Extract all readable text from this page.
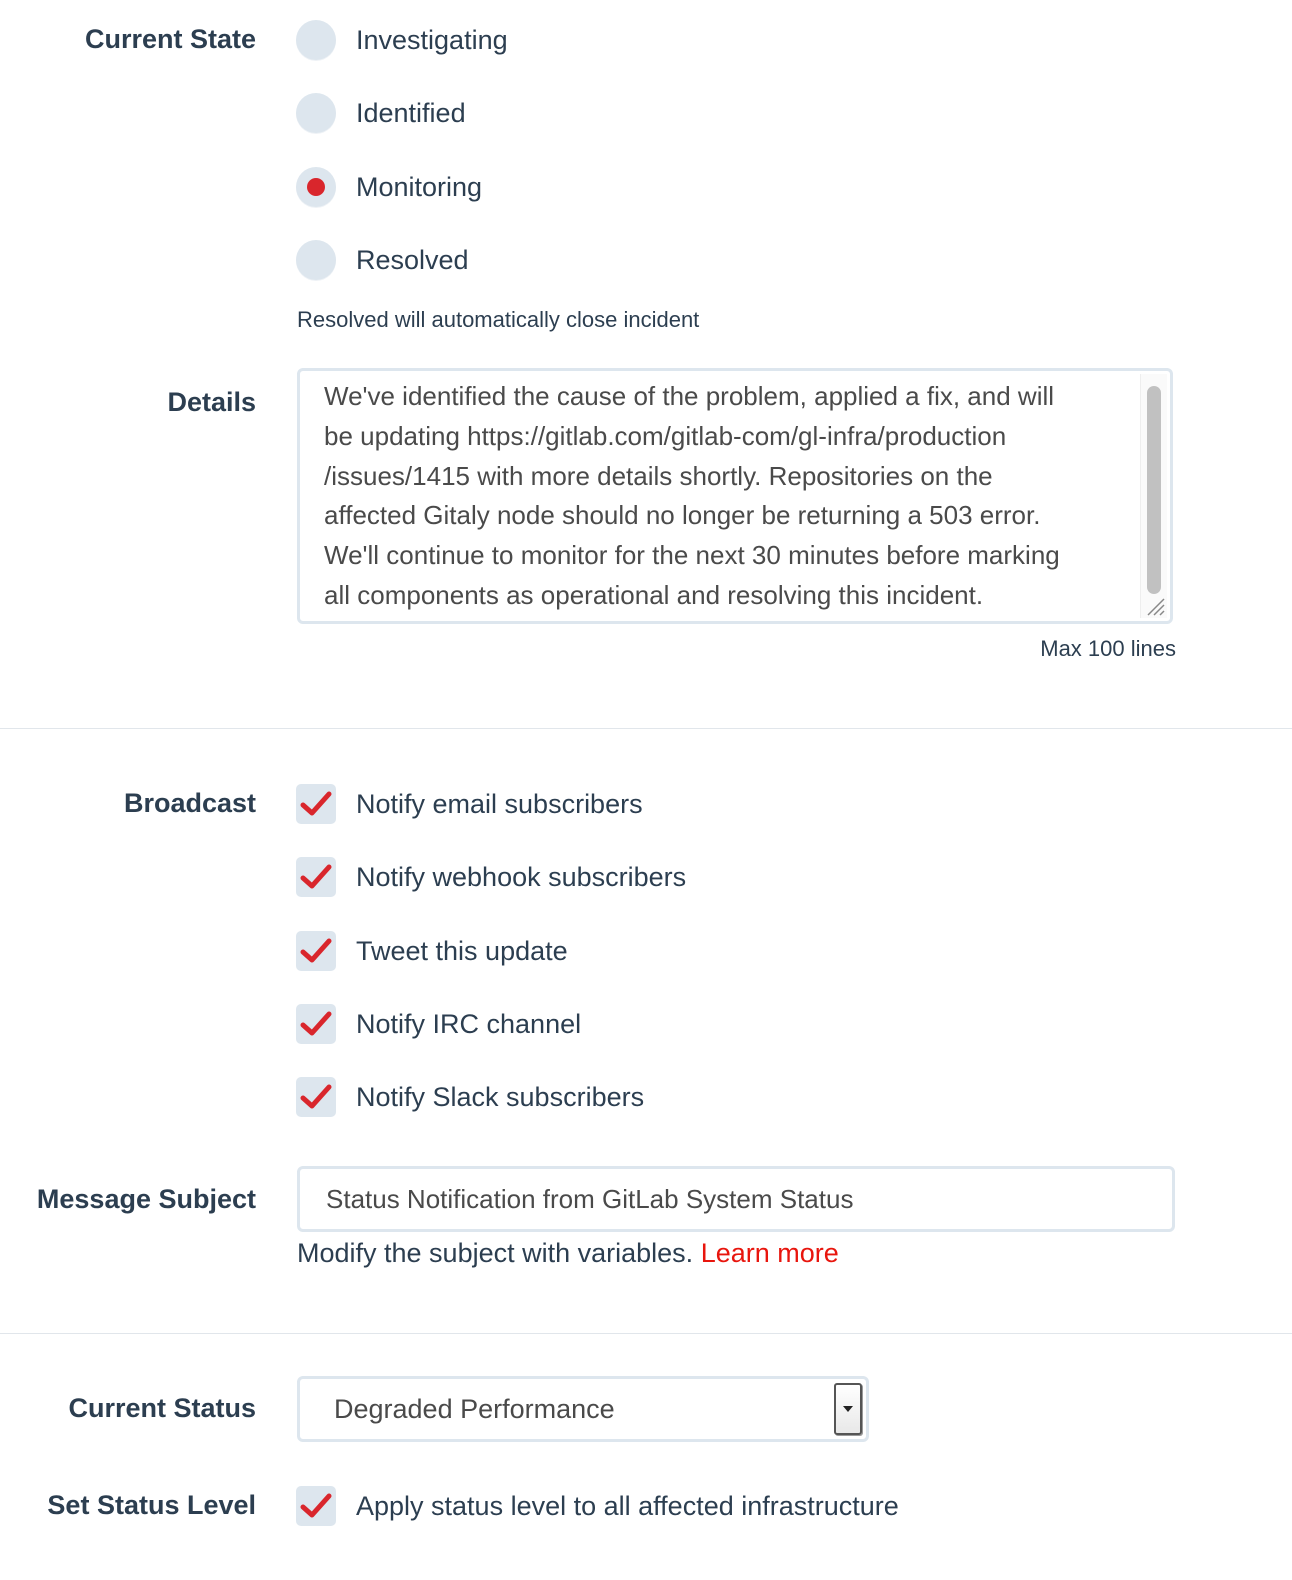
Current State	Investigating
Identified
Monitoring
Resolved
Resolved will automatically close incident
Details	We've identified the cause of the problem, applied a fix, and will
be updating https://gitlab.com/gitlab-com/gl-infra/production
/issues/1415 with more details shortly. Repositories on the
affected Gitaly node should no longer be returning a 503 error.
We'll continue to monitor for the next 30 minutes before marking
all components as operational and resolving this incident.
Max 100 lines
Broadcast	Notify email subscribers
Notify webhook subscribers
Tweet this update
Notify IRC channel
Notify Slack subscribers
Message Subject
Status Notification from GitLab System Status
Modify the subject with variables. Learn more
Current Status	Degraded Performance
Set Status Level	Apply status level to all affected infrastructure
